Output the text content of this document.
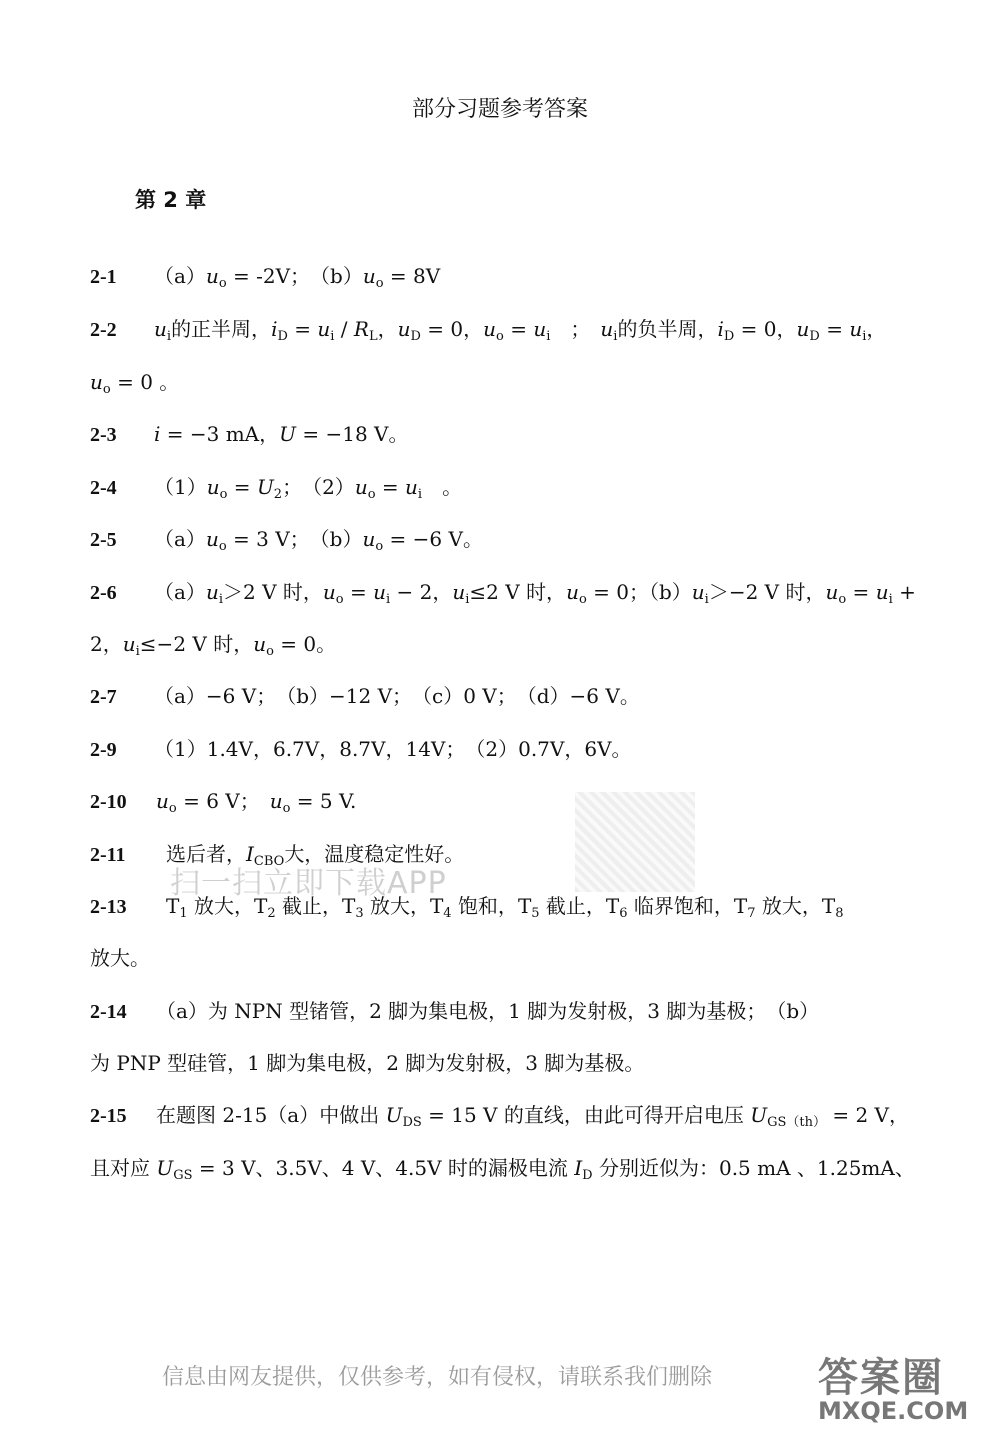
部分习题参考答案
第 2 章
2-1 $(a)u_o = -2V$；　$(b)u_o = 8V$
2-2 $u_i$的正半周，$i_D = u_i / R_L$，$u_D = 0$，$u_o = u_i$　；　$u_i$的负半周，$i_D = 0$，$u_D = u_i$，
$u_o = 0$ 。
2-3 i = −3 mA，U = −18 V。
2-4 $(1)u_o = U_2$；　$(2)u_o = u_i$　。
2-5 $(a)u_o = 3$ V；　$(b)u_o = -6$ V。
2-6 $(a)u_i>2$ V 时，$u_o = u_i - 2$，$u_i\le 2$ V 时，$u_o = 0$；$(b)u_i>-2$ V 时，$u_o = u_i$ +
2，$u_i\le-2$ V 时，$u_o = 0$。
2-7 （a）−6 V；　（b）−12 V；　（c）0 V；　（d）−6 V。
2-9 （1）1.4V，6.7V，8.7V，14V；　（2）0.7V，6V。
2-10 $u_o = 6$ V；　$u_o = 5$ V.
扫一扫立即下载APP
2-11 选后者，$I_{CBO}$大，温度稳定性好。
2-13 $T_1$ 放大，$T_2$ 截止，$T_3$ 放大，$T_4$ 饱和，$T_5$ 截止，$T_6$ 临界饱和，$T_7$ 放大，$T_8$
放大。
2-14 （a）为 NPN 型锗管，2 脚为集电极，1 脚为发射极，3 脚为基极；　（b）
为 PNP 型硅管，1 脚为集电极，2 脚为发射极，3 脚为基极。
2-15 在题图 2-15（a）中做出 $U_{DS} = 15$ V 的直线，由此可得开启电压 $U_{GS(th)} = 2$ V，
且对应 $U_{GS} = 3$ V、3.5V、4 V、4.5V 时的漏极电流 $I_D$ 分别近似为：0.5 mA 、1.25mA、
信息由网友提供，仅供参考，如有侵权，请联系我们删除	答案圈
MXQE.COM
